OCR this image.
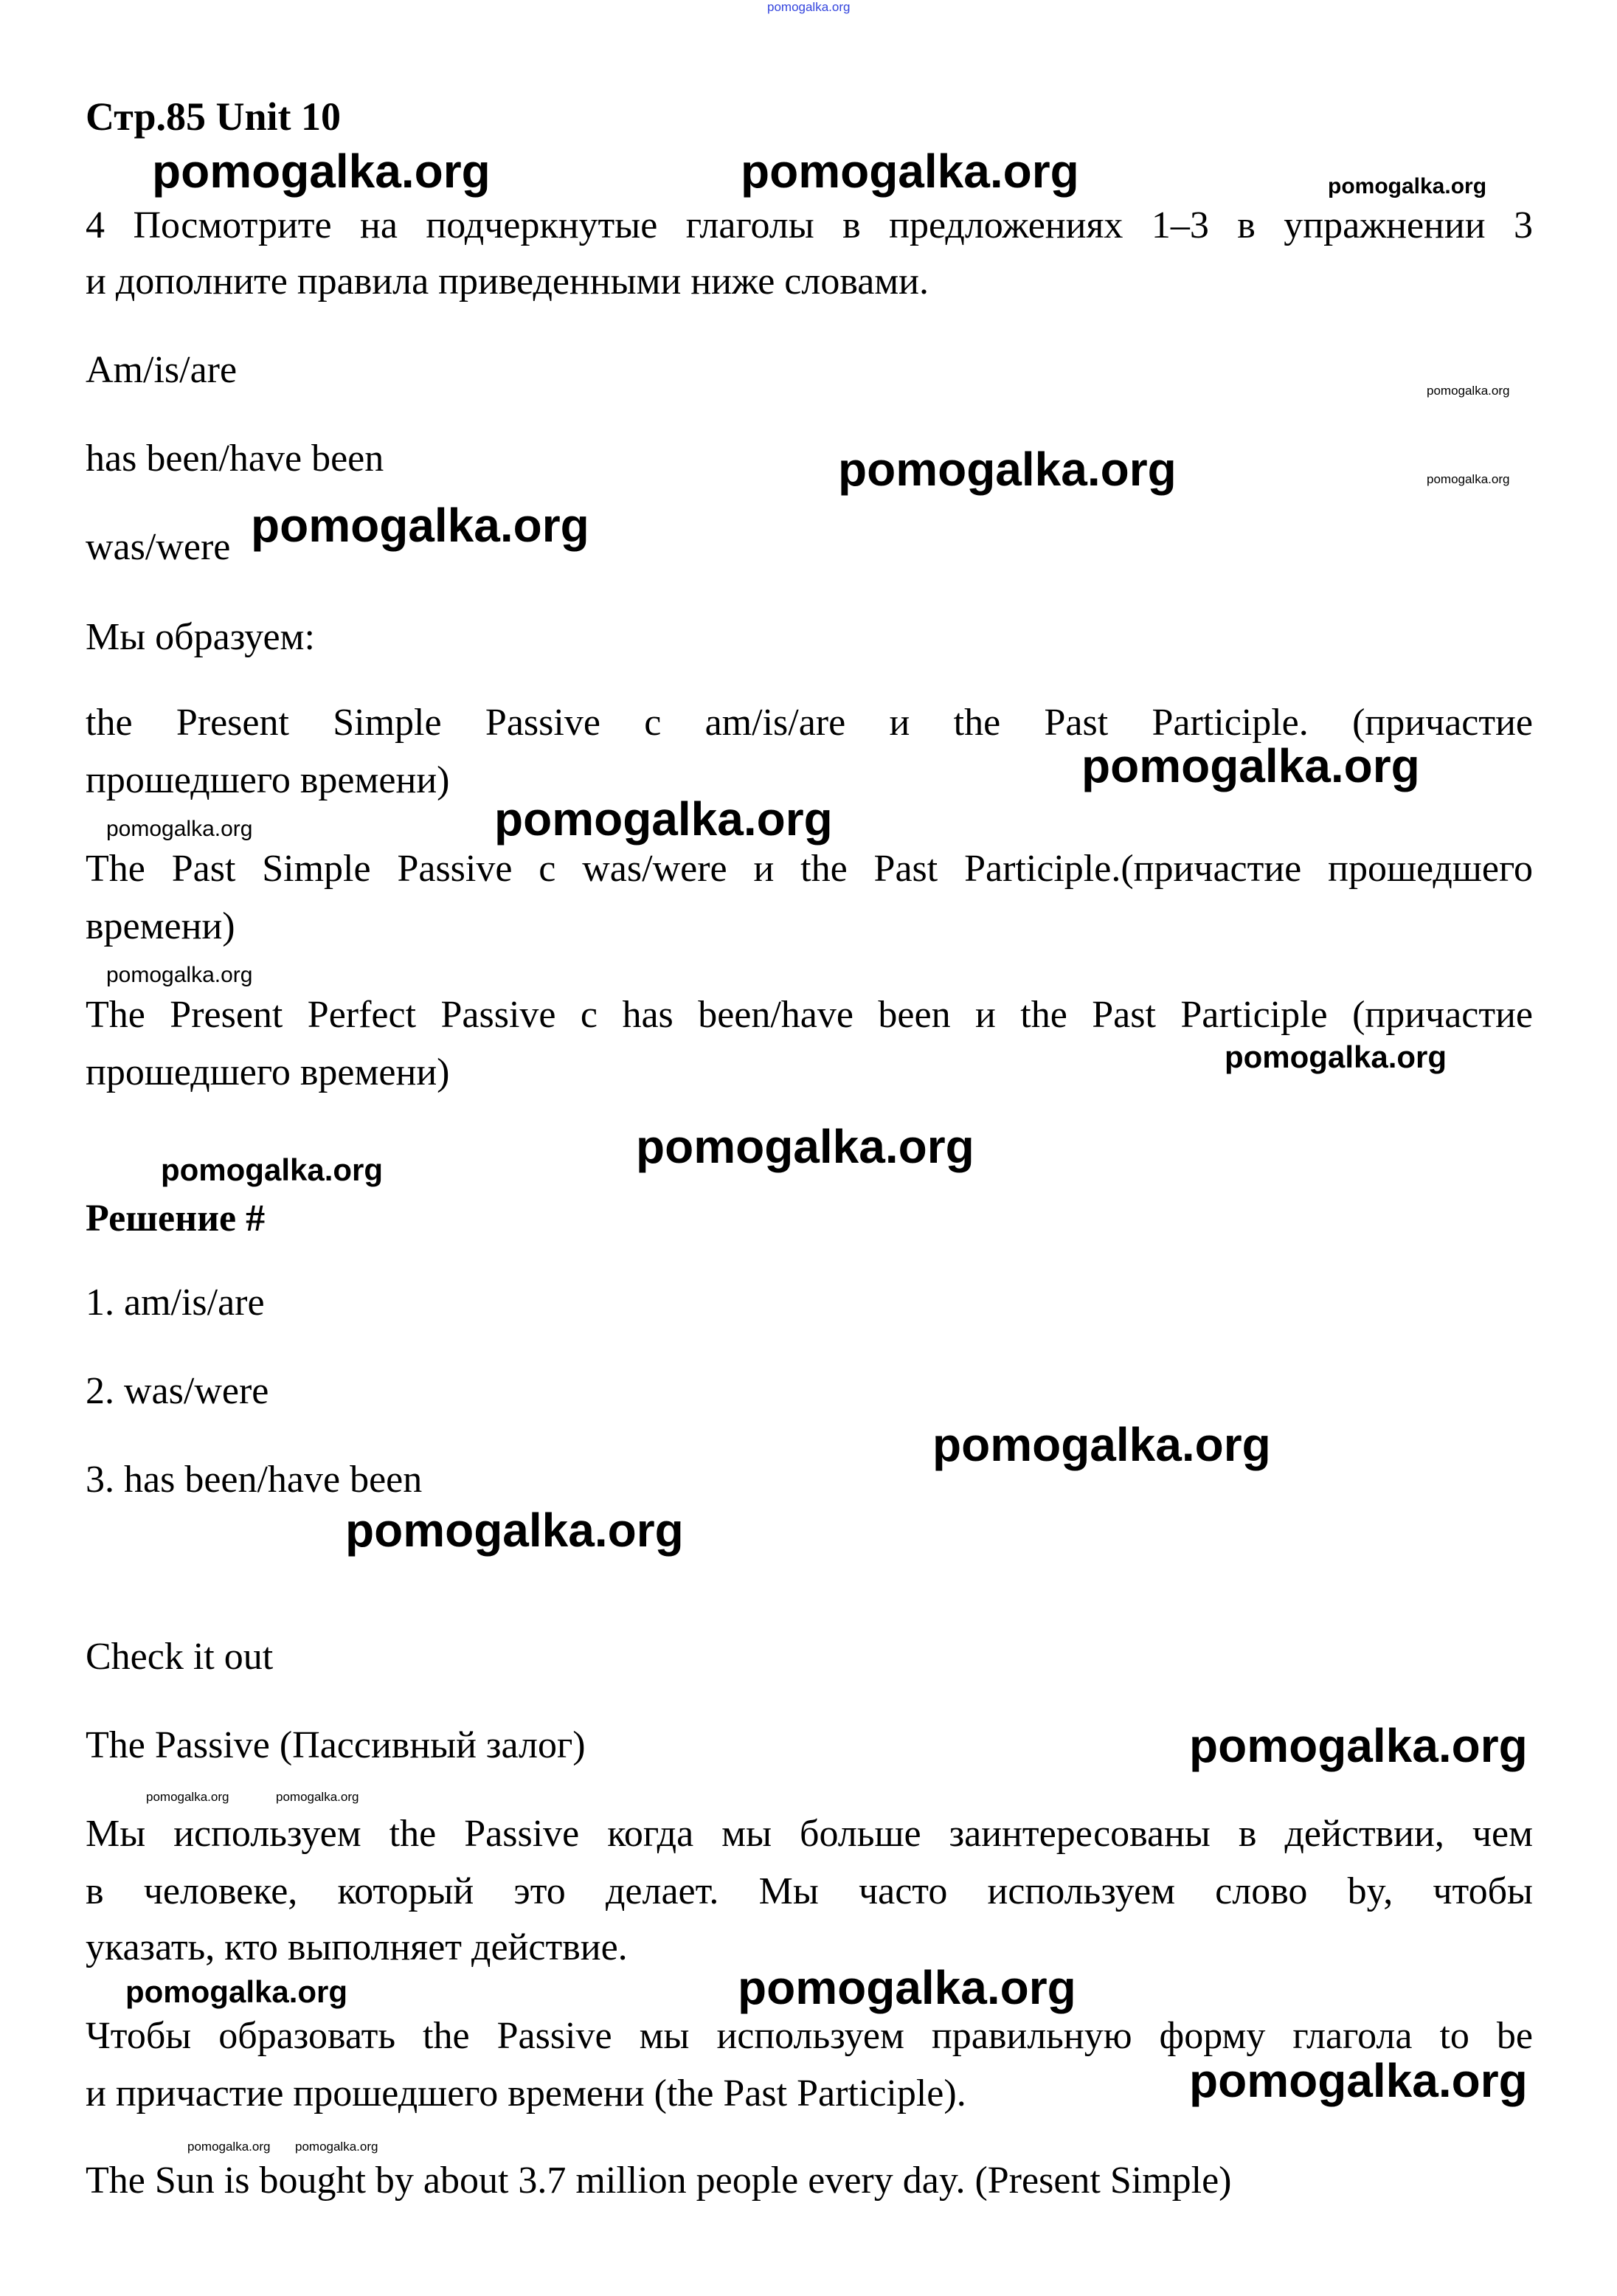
pomogalka.org
Стр.85 Unit 10
4 Посмотрите на подчеркнутые глаголы в предложениях 1–3 в упражнении 3
и дополните правила приведенными ниже словами.
Am/is/are
has been/have been
was/were
Мы образуем:
the Present Simple Passive с am/is/are и the Past Participle. (причастие
прошедшего времени)
The Past Simple Passive с was/were и the Past Participle.(причастие прошедшего
времени)
The Present Perfect Passive с has been/have been и the Past Participle (причастие
прошедшего времени)
Решение #
1. am/is/are
2. was/were
3. has been/have been
Check it out
The Passive (Пассивный залог)
Мы используем the Passive когда мы больше заинтересованы в действии, чем
в человеке, который это делает. Мы часто используем слово by, чтобы
указать, кто выполняет действие.
Чтобы образовать the Passive мы используем правильную форму глагола to be
и причастие прошедшего времени (the Past Participle).
The Sun is bought by about 3.7 million people every day. (Present Simple)
pomogalka.org	pomogalka.org	pomogalka.org
pomogalka.org
pomogalka.org	pomogalka.org
pomogalka.org
pomogalka.org
pomogalka.org	pomogalka.org
pomogalka.org
pomogalka.org
pomogalka.org
pomogalka.org
pomogalka.org
pomogalka.org
pomogalka.org
pomogalka.org	pomogalka.org
pomogalka.org	pomogalka.org
pomogalka.org
pomogalka.org pomogalka.org
